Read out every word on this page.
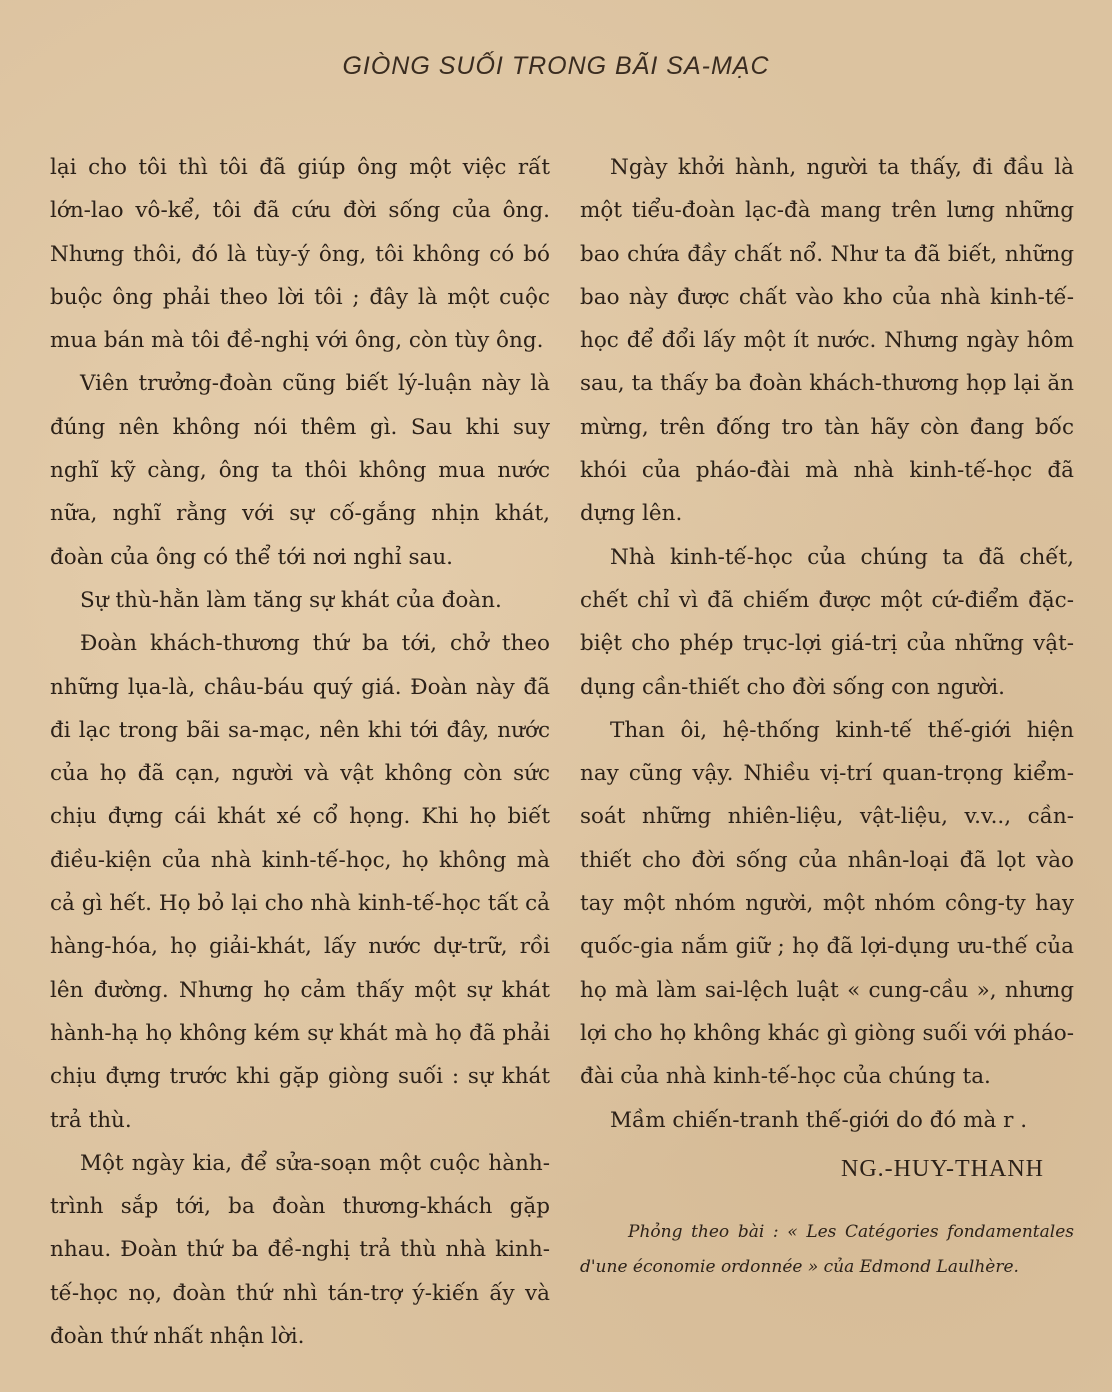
GIÒNG SUỐI TRONG BÃI SA-MẠC

lại cho tôi thì tôi đã giúp ông một việc rất lớn-lao vô-kể, tôi đã cứu đời sống của ông. Nhưng thôi, đó là tùy-ý ông, tôi không có bó buộc ông phải theo lời tôi ; đây là một cuộc mua bán mà tôi đề-nghị với ông, còn tùy ông.

Viên trưởng-đoàn cũng biết lý-luận này là đúng nên không nói thêm gì. Sau khi suy nghĩ kỹ càng, ông ta thôi không mua nước nữa, nghĩ rằng với sự cố-gắng nhịn khát, đoàn của ông có thể tới nơi nghỉ sau.

Sự thù-hằn làm tăng sự khát của đoàn.

Đoàn khách-thương thứ ba tới, chở theo những lụa-là, châu-báu quý giá. Đoàn này đã đi lạc trong bãi sa-mạc, nên khi tới đây, nước của họ đã cạn, người và vật không còn sức chịu đựng cái khát xé cổ họng. Khi họ biết điều-kiện của nhà kinh-tế-học, họ không mà cả gì hết. Họ bỏ lại cho nhà kinh-tế-học tất cả hàng-hóa, họ giải-khát, lấy nước dự-trữ, rồi lên đường. Nhưng họ cảm thấy một sự khát hành-hạ họ không kém sự khát mà họ đã phải chịu đựng trước khi gặp giòng suối : sự khát trả thù.

Một ngày kia, để sửa-soạn một cuộc hành-trình sắp tới, ba đoàn thương-khách gặp nhau. Đoàn thứ ba đề-nghị trả thù nhà kinh-tế-học nọ, đoàn thứ nhì tán-trợ ý-kiến ấy và đoàn thứ nhất nhận lời.

Ngày khởi hành, người ta thấy, đi đầu là một tiểu-đoàn lạc-đà mang trên lưng những bao chứa đầy chất nổ. Như ta đã biết, những bao này được chất vào kho của nhà kinh-tế-học để đổi lấy một ít nước. Nhưng ngày hôm sau, ta thấy ba đoàn khách-thương họp lại ăn mừng, trên đống tro tàn hãy còn đang bốc khói của pháo-đài mà nhà kinh-tế-học đã dựng lên.

Nhà kinh-tế-học của chúng ta đã chết, chết chỉ vì đã chiếm được một cứ-điểm đặc-biệt cho phép trục-lợi giá-trị của những vật-dụng cần-thiết cho đời sống con người.

Than ôi, hệ-thống kinh-tế thế-giới hiện nay cũng vậy. Nhiều vị-trí quan-trọng kiểm-soát những nhiên-liệu, vật-liệu, v.v.., cần-thiết cho đời sống của nhân-loại đã lọt vào tay một nhóm người, một nhóm công-ty hay quốc-gia nắm giữ ; họ đã lợi-dụng ưu-thế của họ mà làm sai-lệch luật « cung-cầu », nhưng lợi cho họ không khác gì giòng suối với pháo-đài của nhà kinh-tế-học của chúng ta.

Mầm chiến-tranh thế-giới do đó mà r .

NG.-HUY-THANH
Phỏng theo bài : « Les Catégories fondamentales d'une économie ordonnée » của Edmond Laulhère.
